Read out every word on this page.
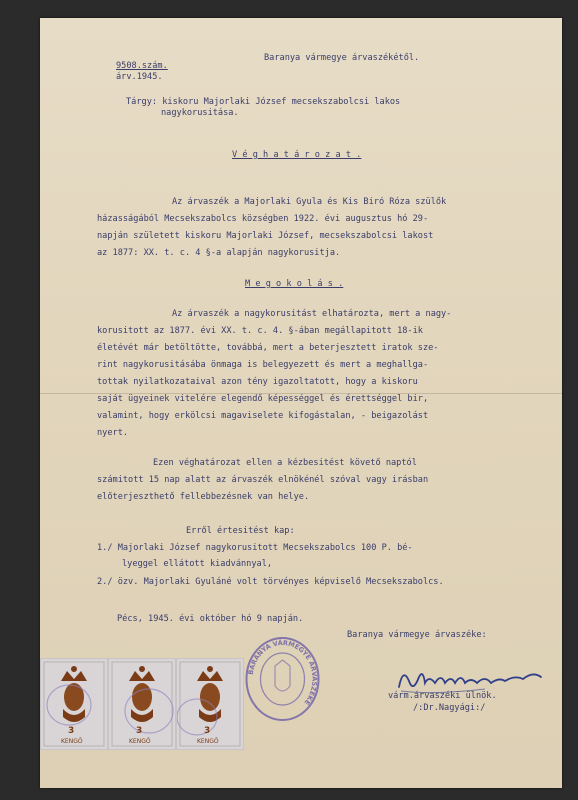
Baranya vármegye árvaszékétől.
9508.szám.
árv.1945.
Tárgy: kiskoru Majorlaki József mecsekszabolcsi lakos
nagykorusitása.
V é g h a t á r o z a t .
Az árvaszék a Majorlaki Gyula és Kis Biró Róza szülők
házasságából Mecsekszabolcs községben 1922. évi augusztus hó 29-
napján született kiskoru Majorlaki József, mecsekszabolcsi lakost
az 1877: XX. t. c. 4 §-a alapján nagykorusitja.
M e g o k o l á s .
Az árvaszék a nagykorusitást elhatározta, mert a nagy-
korusitott az 1877. évi XX. t. c. 4. §-ában megállapitott 18-ik
életévét már betöltötte, továbbá, mert a beterjesztett iratok sze-
rint nagykorusitásába önmaga is belegyezett és mert a meghallga-
tottak nyilatkozataival azon tény igazoltatott, hogy a kiskoru
saját ügyeinek vitelére elegendő képességgel és érettséggel bir,
valamint, hogy erkölcsi magaviselete kifogástalan, - beigazolást
nyert.
Ezen véghatározat ellen a kézbesitést követő naptól
számitott 15 nap alatt az árvaszék elnökénél szóval vagy irásban
előterjeszthető fellebbezésnek van helye.
Erről értesitést kap:
1./ Majorlaki József nagykorusitott Mecsekszabolcs 100 P. bé-
lyeggel ellátott kiadvánnyal,
2./ özv. Majorlaki Gyuláné volt törvényes képviselő Mecsekszabolcs.
Pécs, 1945. évi október hó 9 napján.
Baranya vármegye árvaszéke:
3
KENGŐ
3
KENGŐ
3
KENGŐ
BARANYA VÁRMEGYE ÁRVASZÉKE
várm.árvaszéki ülnök.
/:Dr.Nagyági:/
